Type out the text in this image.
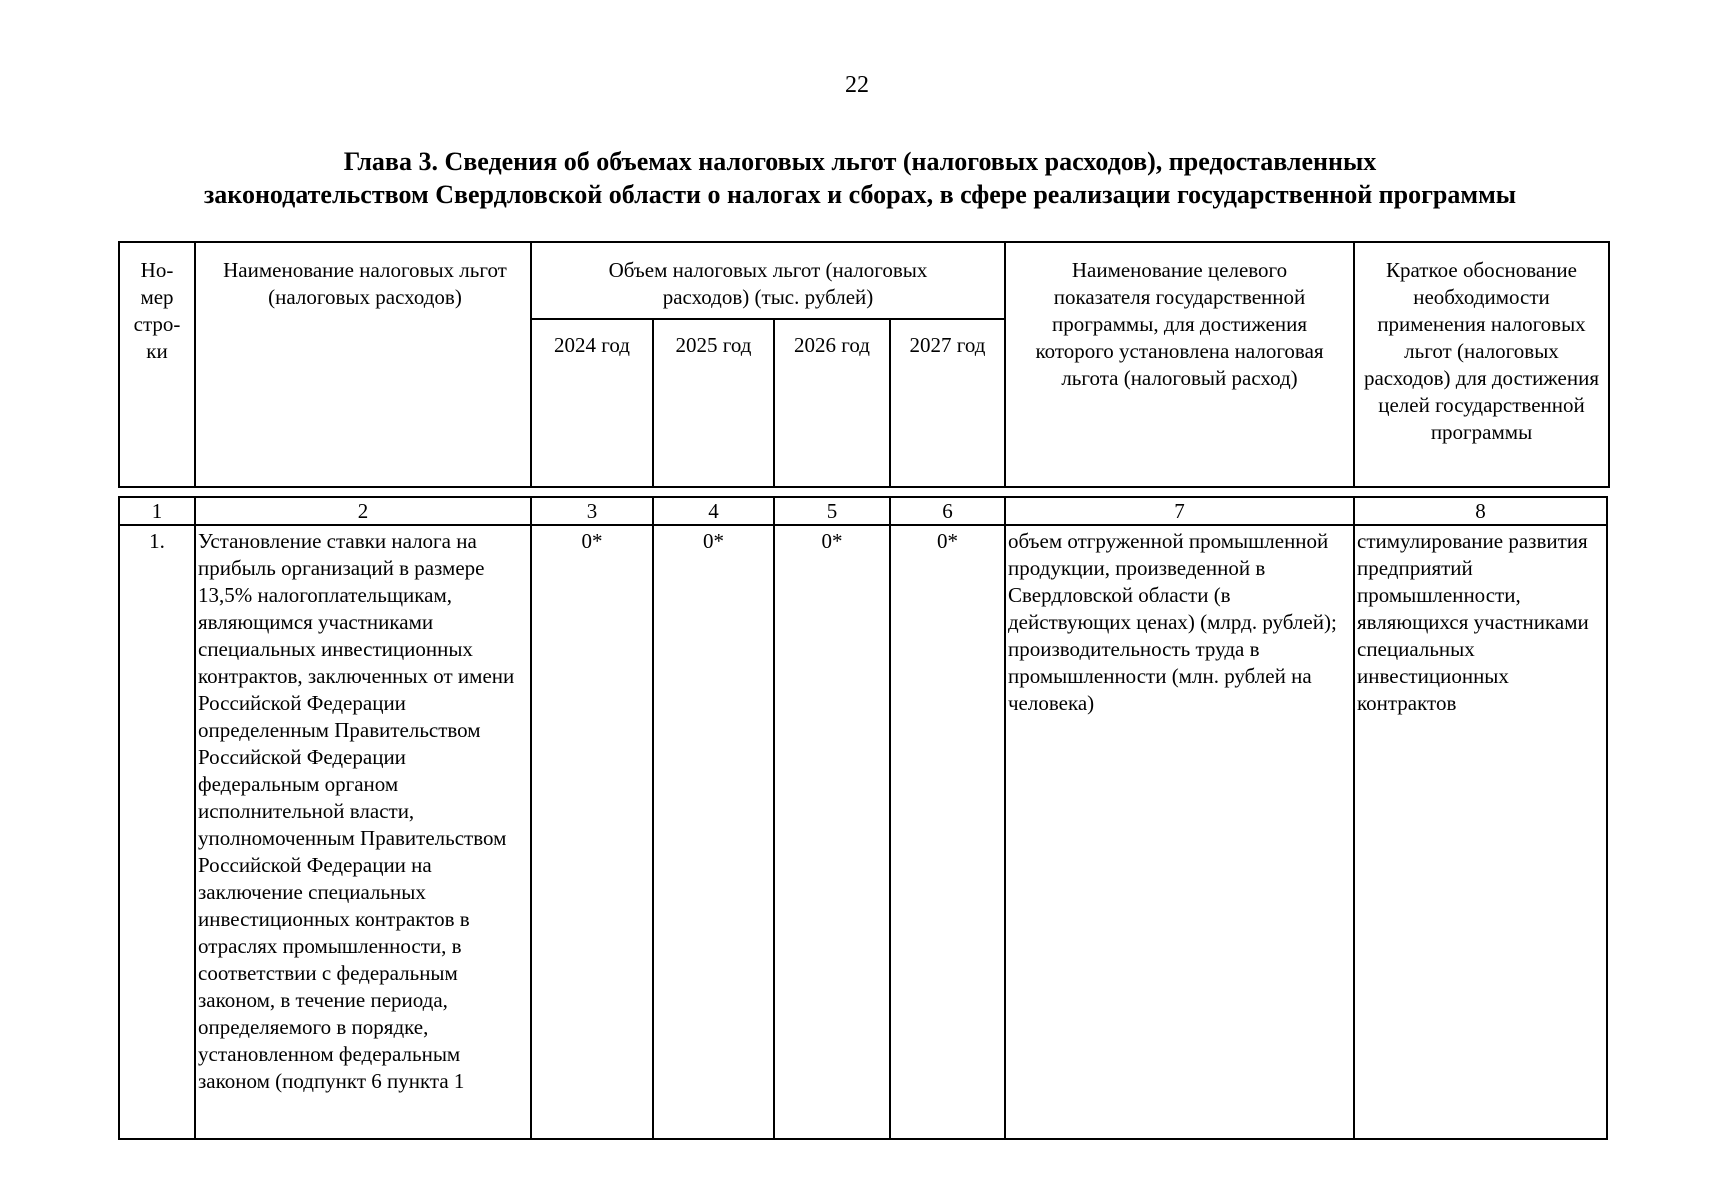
22
Глава 3. Сведения об объемах налоговых льгот (налоговых расходов), предоставленных
законодательством Свердловской области о налогах и сборах, в сфере реализации государственной программы
Но-мер стро-ки	Наименование налоговых льгот (налоговых расходов)	Объем налоговых льгот (налоговых расходов) (тыс. рублей)				Наименование целевого показателя государственной программы, для достижения которого установлена налоговая льгота (налоговый расход)	Краткое обоснование необходимости применения налоговых льгот (налоговых расходов) для достижения целей государственной программы
		2024 год	2025 год	2026 год	2027 год		
1	2	3	4	5	6	7	8
1.	Установление ставки налога на прибыль организаций в размере 13,5% налогоплательщикам, являющимся участниками специальных инвестиционных контрактов, заключенных от имени Российской Федерации определенным Правительством Российской Федерации федеральным органом исполнительной власти, уполномоченным Правительством Российской Федерации на заключение специальных инвестиционных контрактов в отраслях промышленности, в соответствии с федеральным законом, в течение периода, определяемого в порядке, установленном федеральным законом (подпункт 6 пункта 1	0*	0*	0*	0*	объем отгруженной промышленной продукции, произведенной в Свердловской области (в действующих ценах) (млрд. рублей); производительность труда в промышленности (млн. рублей на человека)	стимулирование развития предприятий промышленности, являющихся участниками специальных инвестиционных контрактов
